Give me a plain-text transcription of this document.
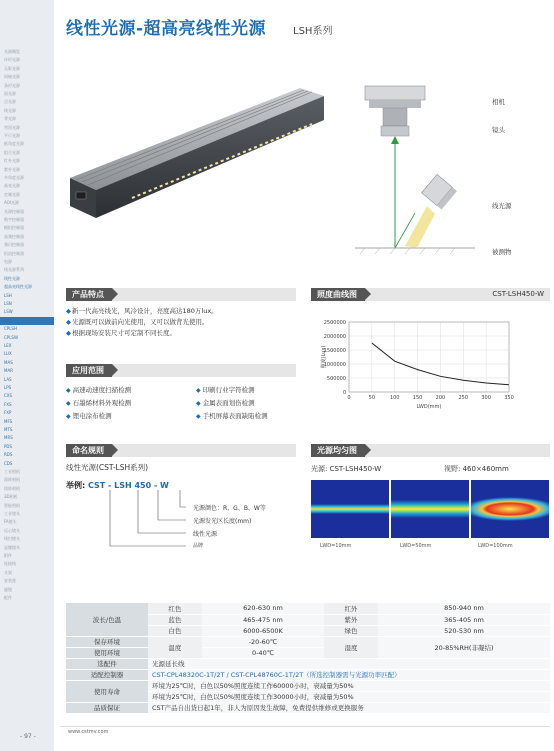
光源概览
环形光源
无影光源
同轴光源
条形光源
面光源
点光源
线光源
背光源
穹顶光源
平行光源
低角度光源
组合光源
红外光源
紫外光源
多角度光源
高亮光源
定制光源
AOI光源
光源控制器
数字控制器
模拟控制器
高频控制器
频闪控制器
恒流控制器
电源
线光源系列
线性光源
超高亮线性光源
LSH
LSN
LSW
LSR
CPLSH
CPLSW
LEX
LUX
MAS
MAR
LAS
LPS
CXS
FXS
FXP
MFS
MTS
MRS
PDS
RDS
CDS
工业相机
面阵相机
线阵相机
3D相机
智能相机
工业镜头
FA镜头
远心镜头
线扫镜头
显微镜头
附件
连接线
支架
安装座
滤镜
配件
- 97 -
线性光源-超高亮线性光源	LSH系列
相机
镜头
线光源
被测物
产品特点
◆新一代高亮线光，风冷设计，亮度高达180万lux。
◆光源既可以做前向光使用，又可以做背光使用。
◆根据现场安装尺寸可定制不同长度。
照度曲线图	CST-LSH450-W
0
500000
1000000
1500000
2000000
2500000
0	50	100	150	200	250	300	350
LWD(mm)
照度(Lux)
应用范围
◆ 高速动速度扫描检测	◆ 印刷行业字符检测
◆ 石墨烯材料外观检测	◆ 金属表面划伤检测
◆ 锂电涂布检测	◆ 手机屏幕表面缺陷检测
命名规则
线性光源(CST-LSH系列)
举例: CST - LSH 450 - W
光源颜色：R、G、B、W等
光源发光区长度(mm)
线性光源
品牌
光源均匀图
光源: CST-LSH450-W	视野: 460×460mm
LWD=10mm	LWD=50mm	LWD=100mm
波长/色温	红色	620-630 nm	红外	850-940 nm
	蓝色	465-475 nm	紫外	365-405 nm
	白色	6000-6500K	绿色	520-530 nm
保存环境	温度	-20-60℃	湿度	20-85%RH(非凝结)
使用环境		0-40℃		
选配件	光源延长线			
适配控制器	CST-CPL48320C-1T/2T / CST-CPL48760C-1T/2T（所选控制器需与光源功率匹配）			
使用寿命	环境为25℃时，白色以50%照度连续工作60000小时，衰减量为50%			
	环境为25℃时，白色以50%照度连续工作30000小时，衰减量为50%			
品质保证	CST产品自出货日起1年，非人为原因发生故障，免费提供维修或更换服务			
www.cstmv.com
